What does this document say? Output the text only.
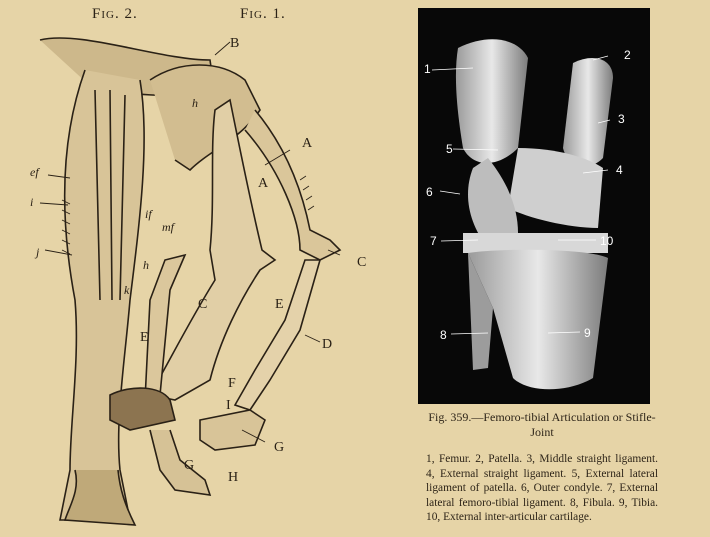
Fig. 2.	Fig. 1.
B
h
A
A
ef
i
if
mf
j
h
k
C
C
E
E
D
F
I
G
G
H
1
2
3
4
5
6
7	10
8	9
Fig. 359.—Femoro-tibial Articulation or Stifle-Joint
1, Femur. 2, Patella. 3, Middle straight ligament. 4, External straight ligament. 5, External lateral ligament of patella. 6, Outer condyle. 7, External lateral femoro-tibial ligament. 8, Fibula. 9, Tibia. 10, External inter-articular cartilage.
